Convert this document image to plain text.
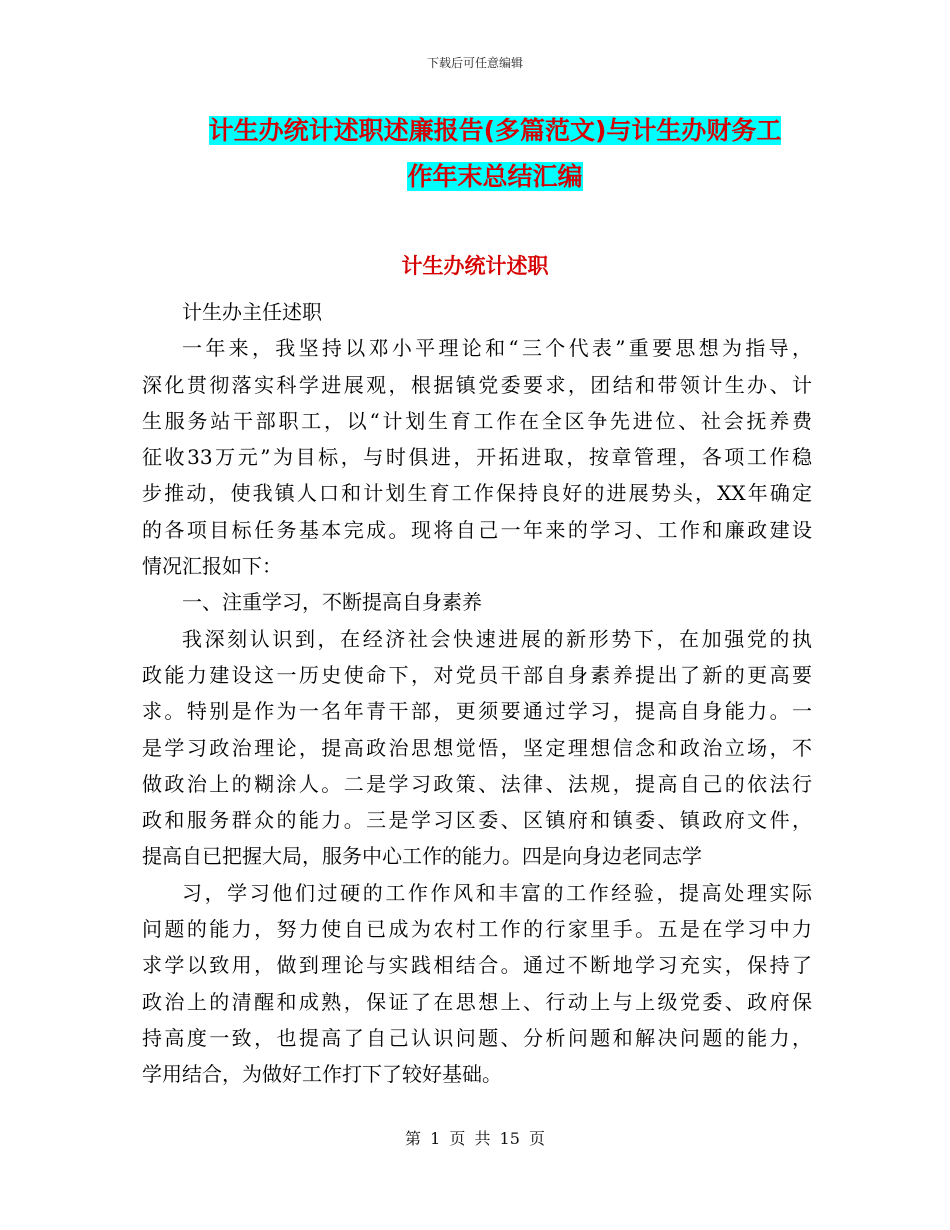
下载后可任意编辑
计生办统计述职述廉报告(多篇范文)与计生办财务工
作年末总结汇编
计生办统计述职
计生办主任述职
一年来，我坚持以邓小平理论和“三个代表”重要思想为指导，
深化贯彻落实科学进展观，根据镇党委要求，团结和带领计生办、计
生服务站干部职工，以“计划生育工作在全区争先进位、社会抚养费
征收33万元”为目标，与时俱进，开拓进取，按章管理，各项工作稳
步推动，使我镇人口和计划生育工作保持良好的进展势头，XX年确定
的各项目标任务基本完成。现将自己一年来的学习、工作和廉政建设
情况汇报如下：
一、注重学习，不断提高自身素养
我深刻认识到，在经济社会快速进展的新形势下，在加强党的执
政能力建设这一历史使命下，对党员干部自身素养提出了新的更高要
求。特别是作为一名年青干部，更须要通过学习，提高自身能力。一
是学习政治理论，提高政治思想觉悟，坚定理想信念和政治立场，不
做政治上的糊涂人。二是学习政策、法律、法规，提高自己的依法行
政和服务群众的能力。三是学习区委、区镇府和镇委、镇政府文件，
提高自已把握大局，服务中心工作的能力。四是向身边老同志学
习，学习他们过硬的工作作风和丰富的工作经验，提高处理实际
问题的能力，努力使自已成为农村工作的行家里手。五是在学习中力
求学以致用，做到理论与实践相结合。通过不断地学习充实，保持了
政治上的清醒和成熟，保证了在思想上、行动上与上级党委、政府保
持高度一致，也提高了自己认识问题、分析问题和解决问题的能力，
学用结合，为做好工作打下了较好基础。
第 1 页 共 15 页
